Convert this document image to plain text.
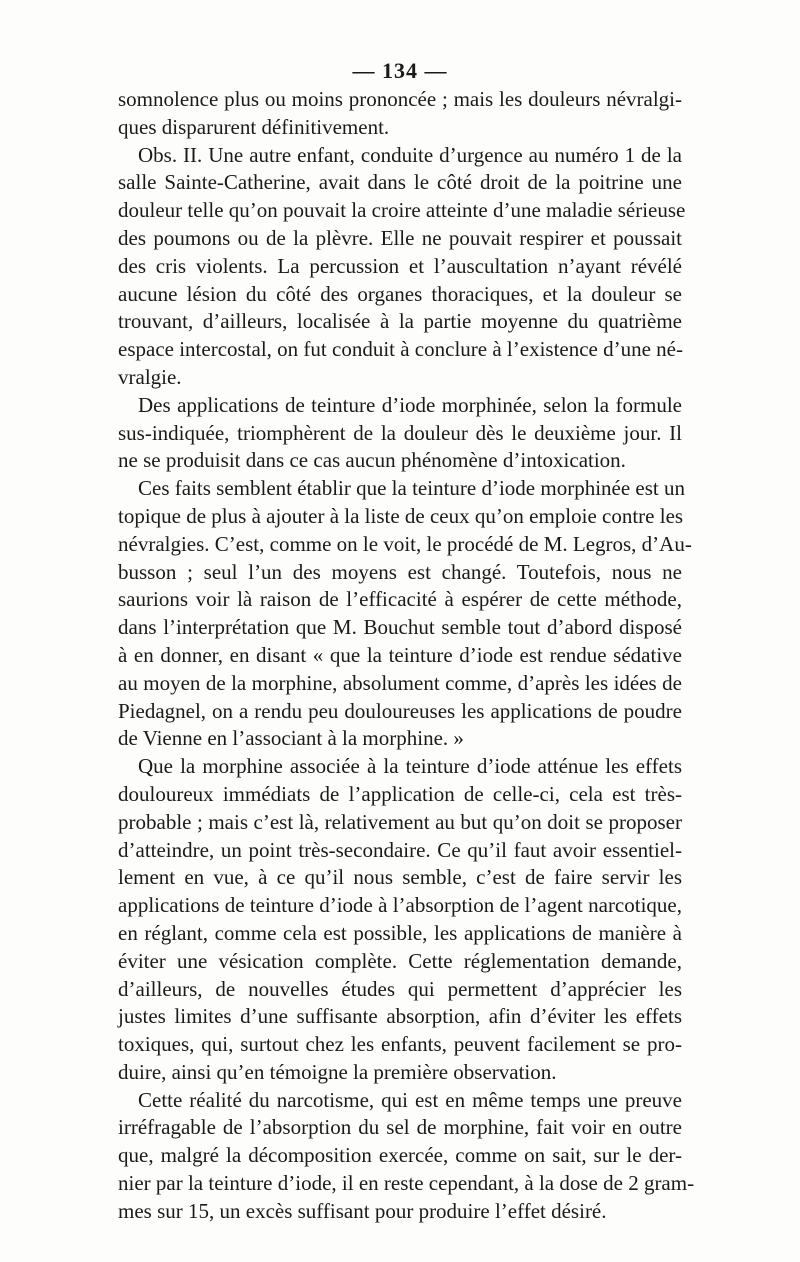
— 134 —
somnolence plus ou moins prononcée ; mais les douleurs névralgi-
ques disparurent définitivement.
Obs. II. Une autre enfant, conduite d’urgence au numéro 1 de la
salle Sainte-Catherine, avait dans le côté droit de la poitrine une
douleur telle qu’on pouvait la croire atteinte d’une maladie sérieuse
des poumons ou de la plèvre. Elle ne pouvait respirer et poussait
des cris violents. La percussion et l’auscultation n’ayant révélé
aucune lésion du côté des organes thoraciques, et la douleur se
trouvant, d’ailleurs, localisée à la partie moyenne du quatrième
espace intercostal, on fut conduit à conclure à l’existence d’une né-
vralgie.
Des applications de teinture d’iode morphinée, selon la formule
sus-indiquée, triomphèrent de la douleur dès le deuxième jour. Il
ne se produisit dans ce cas aucun phénomène d’intoxication.
Ces faits semblent établir que la teinture d’iode morphinée est un
topique de plus à ajouter à la liste de ceux qu’on emploie contre les
névralgies. C’est, comme on le voit, le procédé de M. Legros, d’Au-
busson ; seul l’un des moyens est changé. Toutefois, nous ne
saurions voir là raison de l’efficacité à espérer de cette méthode,
dans l’interprétation que M. Bouchut semble tout d’abord disposé
à en donner, en disant « que la teinture d’iode est rendue sédative
au moyen de la morphine, absolument comme, d’après les idées de
Piedagnel, on a rendu peu douloureuses les applications de poudre
de Vienne en l’associant à la morphine. »
Que la morphine associée à la teinture d’iode atténue les effets
douloureux immédiats de l’application de celle-ci, cela est très-
probable ; mais c’est là, relativement au but qu’on doit se proposer
d’atteindre, un point très-secondaire. Ce qu’il faut avoir essentiel-
lement en vue, à ce qu’il nous semble, c’est de faire servir les
applications de teinture d’iode à l’absorption de l’agent narcotique,
en réglant, comme cela est possible, les applications de manière à
éviter une vésication complète. Cette réglementation demande,
d’ailleurs, de nouvelles études qui permettent d’apprécier les
justes limites d’une suffisante absorption, afin d’éviter les effets
toxiques, qui, surtout chez les enfants, peuvent facilement se pro-
duire, ainsi qu’en témoigne la première observation.
Cette réalité du narcotisme, qui est en même temps une preuve
irréfragable de l’absorption du sel de morphine, fait voir en outre
que, malgré la décomposition exercée, comme on sait, sur le der-
nier par la teinture d’iode, il en reste cependant, à la dose de 2 gram-
mes sur 15, un excès suffisant pour produire l’effet désiré.
